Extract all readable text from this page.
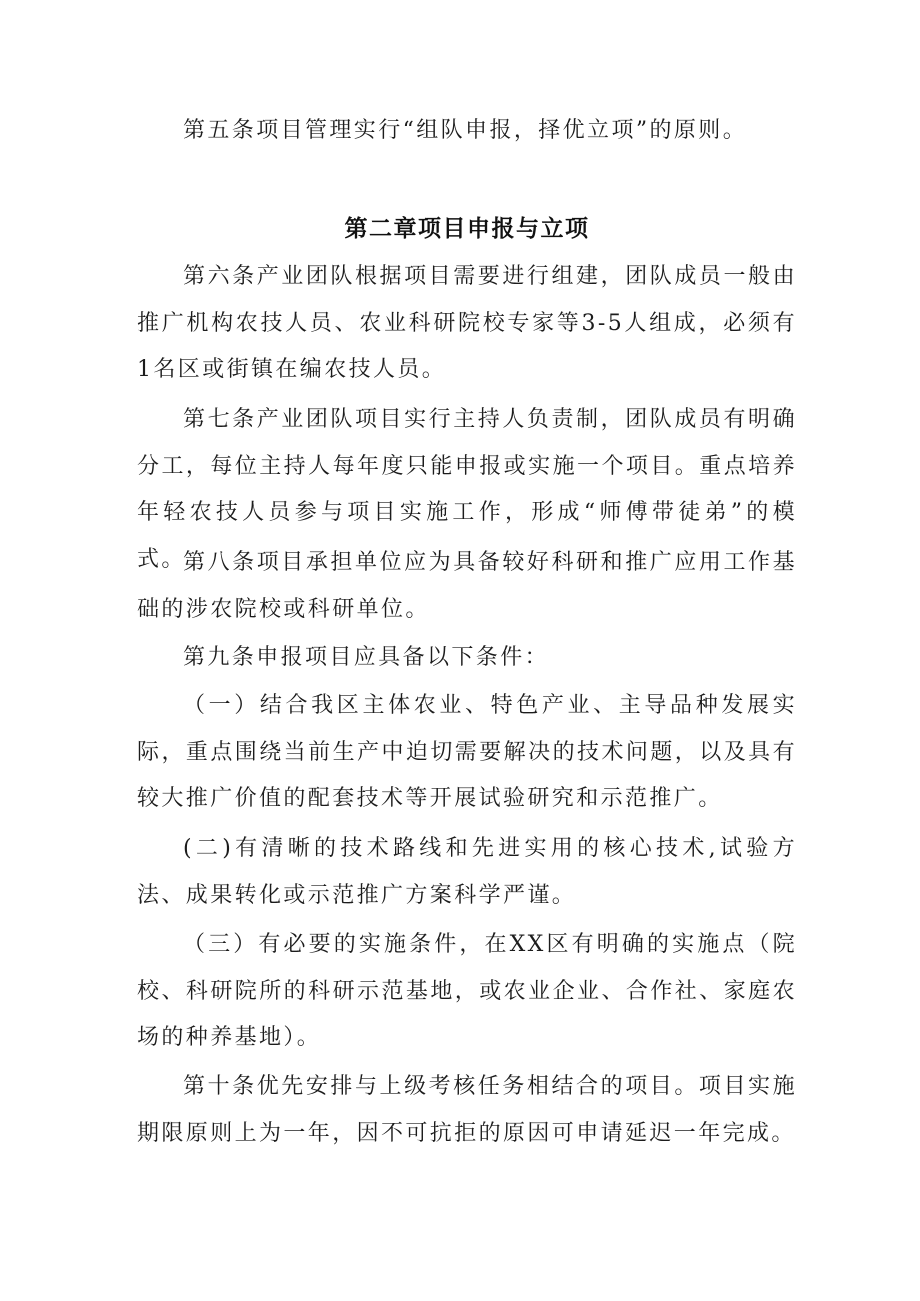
第五条项目管理实行“组队申报，择优立项”的原则。

第二章项目申报与立项

第六条产业团队根据项目需要进行组建，团队成员一般由推广机构农技人员、农业科研院校专家等3-5人组成，必须有1名区或街镇在编农技人员。

第七条产业团队项目实行主持人负责制，团队成员有明确分工，每位主持人每年度只能申报或实施一个项目。重点培养年轻农技人员参与项目实施工作，形成“师傅带徒弟”的模式。

第八条项目承担单位应为具备较好科研和推广应用工作基础的涉农院校或科研单位。

第九条申报项目应具备以下条件：

（一）结合我区主体农业、特色产业、主导品种发展实际，重点围绕当前生产中迫切需要解决的技术问题，以及具有较大推广价值的配套技术等开展试验研究和示范推广。

(二)有清晰的技术路线和先进实用的核心技术,试验方法、成果转化或示范推广方案科学严谨。

（三）有必要的实施条件，在XX区有明确的实施点（院校、科研院所的科研示范基地，或农业企业、合作社、家庭农场的种养基地）。

第十条优先安排与上级考核任务相结合的项目。项目实施期限原则上为一年，因不可抗拒的原因可申请延迟一年完成。
